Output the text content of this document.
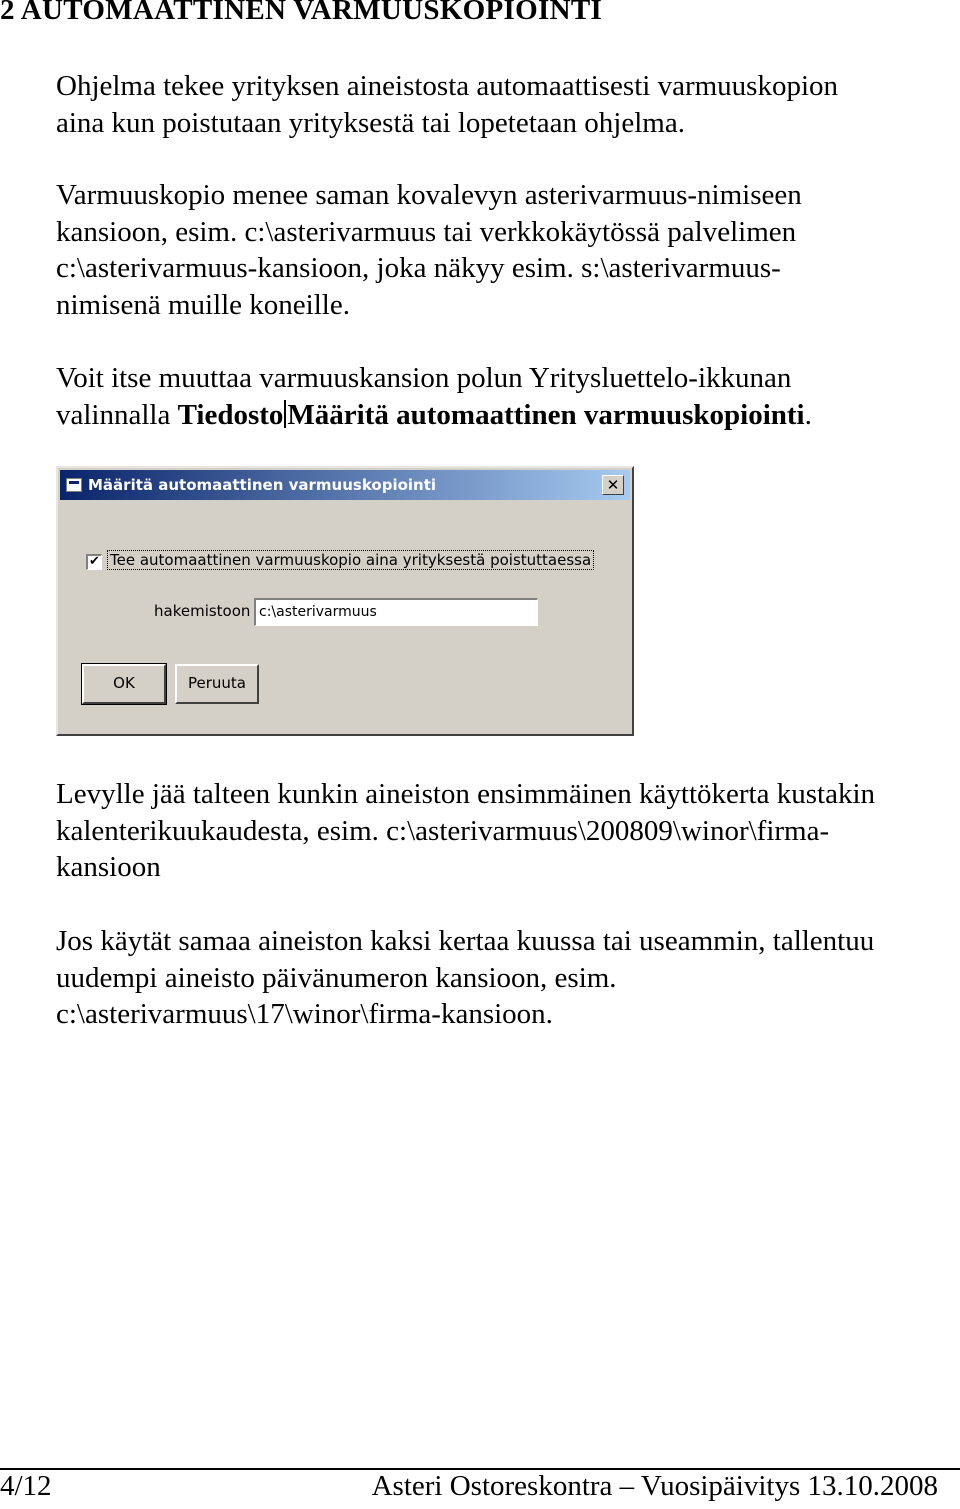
2 AUTOMAATTINEN VARMUUSKOPIOINTI

Ohjelma tekee yrityksen aineistosta automaattisesti varmuuskopion
aina kun poistutaan yrityksestä tai lopetetaan ohjelma.

Varmuuskopio menee saman kovalevyn asterivarmuus-nimiseen
kansioon, esim. c:\asterivarmuus tai verkkokäytössä palvelimen
c:\asterivarmuus-kansioon, joka näkyy esim. s:\asterivarmuus-
nimisenä muille koneille.

Voit itse muuttaa varmuuskansion polun Yritysluettelo-ikkunan
valinnalla Tiedosto Määritä automaattinen varmuuskopiointi.

Määritä automaattinen varmuuskopiointi	✕
✔ Tee automaattinen varmuuskopio aina yrityksestä poistuttaessa
hakemistoon c:\asterivarmuus
OK	Peruuta

Levylle jää talteen kunkin aineiston ensimmäinen käyttökerta kustakin
kalenterikuukaudesta, esim. c:\asterivarmuus\200809\winor\firma-
kansioon

Jos käytät samaa aineiston kaksi kertaa kuussa tai useammin, tallentuu
uudempi aineisto päivänumeron kansioon, esim.
c:\asterivarmuus\17\winor\firma-kansioon.

4/12	Asteri Ostoreskontra – Vuosipäivitys 13.10.2008
